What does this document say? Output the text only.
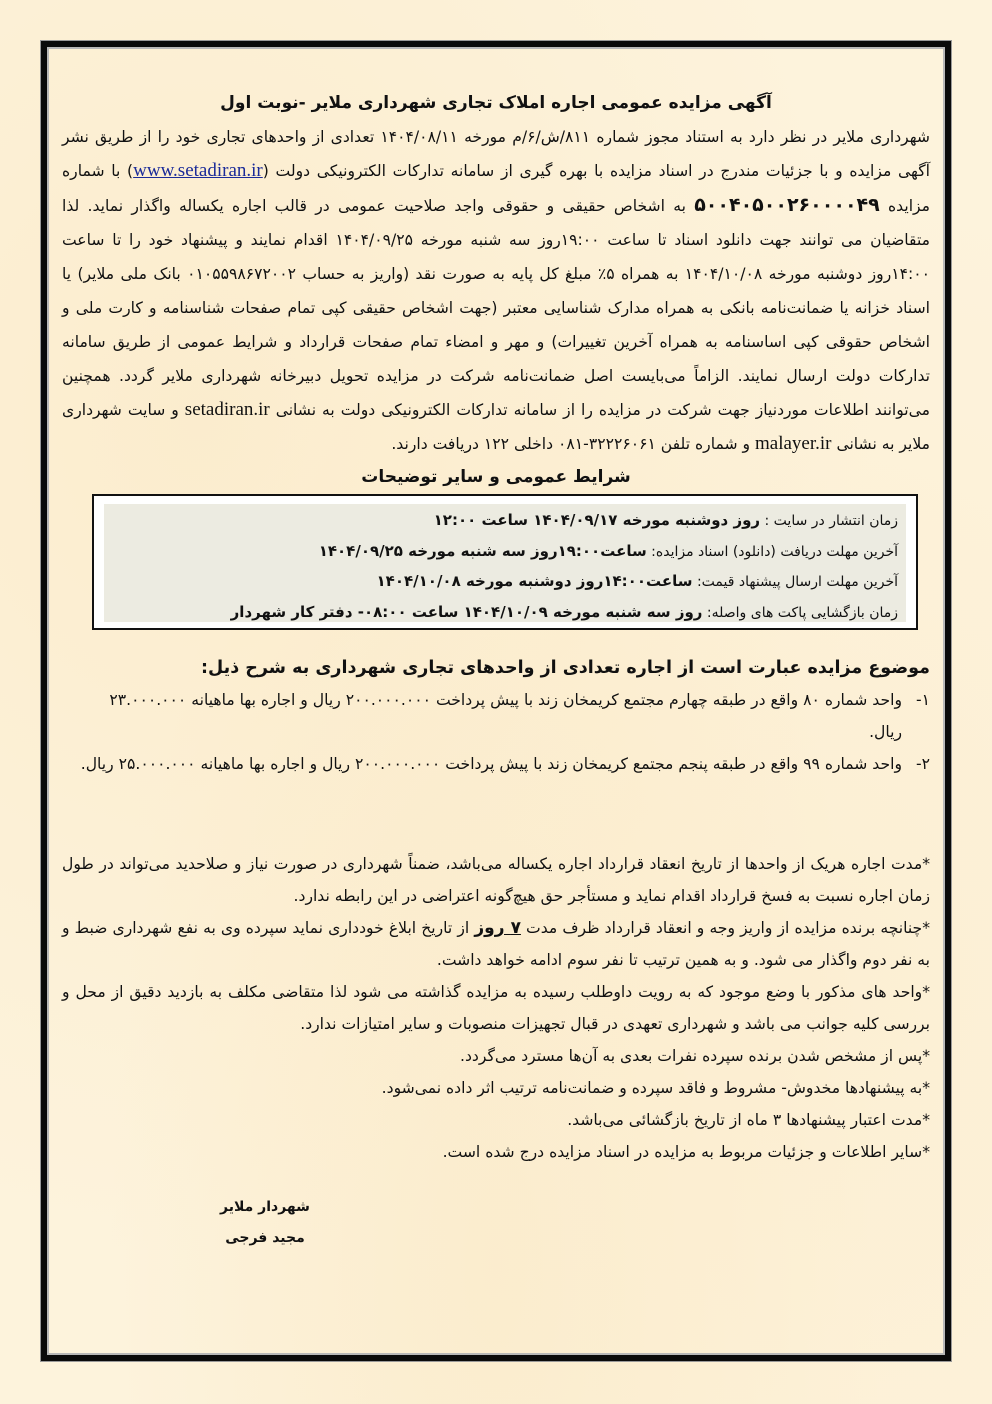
آگهی مزایده عمومی اجاره املاک تجاری شهرداری ملایر -نوبت اول

شهرداری ملایر در نظر دارد به استناد مجوز شماره ۸۱۱/ش/۶/م مورخه ۱۴۰۴/۰۸/۱۱ تعدادی از واحدهای تجاری خود را از طریق نشر آگهی مزایده و با جزئیات مندرج در اسناد مزایده با بهره گیری از سامانه تدارکات الکترونیکی دولت (www.setadiran.ir) با شماره مزایده ۵۰۰۴۰۵۰۰۲۶۰۰۰۰۴۹ به اشخاص حقیقی و حقوقی واجد صلاحیت عمومی در قالب اجاره یکساله واگذار نماید. لذا متقاضیان می توانند جهت دانلود اسناد تا ساعت ۱۹:۰۰روز سه شنبه مورخه ۱۴۰۴/۰۹/۲۵ اقدام نمایند و پیشنهاد خود را تا ساعت ۱۴:۰۰روز دوشنبه مورخه ۱۴۰۴/۱۰/۰۸ به همراه ۵٪ مبلغ کل پایه به صورت نقد (واریز به حساب ۰۱۰۵۵۹۸۶۷۲۰۰۲ بانک ملی ملایر) یا اسناد خزانه یا ضمانت‌نامه بانکی به همراه مدارک شناسایی معتبر (جهت اشخاص حقیقی کپی تمام صفحات شناسنامه و کارت ملی و اشخاص حقوقی کپی اساسنامه به همراه آخرین تغییرات) و مهر و امضاء تمام صفحات قرارداد و شرایط عمومی از طریق سامانه تدارکات دولت ارسال نمایند. الزاماً می‌بایست اصل ضمانت‌نامه شرکت در مزایده تحویل دبیرخانه شهرداری ملایر گردد. همچنین می‌توانند اطلاعات موردنیاز جهت شرکت در مزایده را از سامانه تدارکات الکترونیکی دولت به نشانی setadiran.ir و سایت شهرداری ملایر به نشانی malayer.ir و شماره تلفن ۳۲۲۲۶۰۶۱-۰۸۱ داخلی ۱۲۲ دریافت دارند.

شرایط عمومی و سایر توضیحات
زمان انتشار در سایت : روز دوشنبه مورخه ۱۴۰۴/۰۹/۱۷ ساعت ۱۲:۰۰
آخرین مهلت دریافت (دانلود) اسناد مزایده: ساعت۱۹:۰۰روز سه شنبه مورخه ۱۴۰۴/۰۹/۲۵
آخرین مهلت ارسال پیشنهاد قیمت: ساعت۱۴:۰۰روز دوشنبه مورخه ۱۴۰۴/۱۰/۰۸
زمان بازگشایی پاکت های واصله: روز سه شنبه مورخه ۱۴۰۴/۱۰/۰۹ ساعت ۰۸:۰۰- دفتر کار شهردار

موضوع مزایده عبارت است از اجاره تعدادی از واحدهای تجاری شهرداری به شرح ذیل:

۱-
واحد شماره ۸۰ واقع در طبقه چهارم مجتمع کریمخان زند با پیش پرداخت ۲۰۰.۰۰۰.۰۰۰ ریال و اجاره بها ماهیانه ۲۳.۰۰۰.۰۰۰ ریال.
۲-
واحد شماره ۹۹ واقع در طبقه پنجم مجتمع کریمخان زند با پیش پرداخت ۲۰۰.۰۰۰.۰۰۰ ریال و اجاره بها ماهیانه ۲۵.۰۰۰.۰۰۰ ریال.

*مدت اجاره هریک از واحدها از تاریخ انعقاد قرارداد اجاره یکساله می‌باشد، ضمناً شهرداری در صورت نیاز و صلاحدید می‌تواند در طول زمان اجاره نسبت به فسخ قرارداد اقدام نماید و مستأجر حق هیچ‌گونه اعتراضی در این رابطه ندارد.

*چنانچه برنده مزایده از واریز وجه و انعقاد قرارداد ظرف مدت ۷ روز از تاریخ ابلاغ خودداری نماید سپرده وی به نفع شهرداری ضبط و به نفر دوم واگذار می شود. و به همین ترتیب تا نفر سوم ادامه خواهد داشت.

*واحد های مذکور با وضع موجود که به رویت داوطلب رسیده به مزایده گذاشته می شود لذا متقاضی مکلف به بازدید دقیق از محل و بررسی کلیه جوانب می باشد و شهرداری تعهدی در قبال تجهیزات منصوبات و سایر امتیازات ندارد.

*پس از مشخص شدن برنده سپرده نفرات بعدی به آن‌ها مسترد می‌گردد.

*به پیشنهادها مخدوش- مشروط و فاقد سپرده و ضمانت‌نامه ترتیب اثر داده نمی‌شود.

*مدت اعتبار پیشنهادها ۳ ماه از تاریخ بازگشائی می‌باشد.

*سایر اطلاعات و جزئیات مربوط به مزایده در اسناد مزایده درج شده است.

شهردار ملایر
مجید فرجی
